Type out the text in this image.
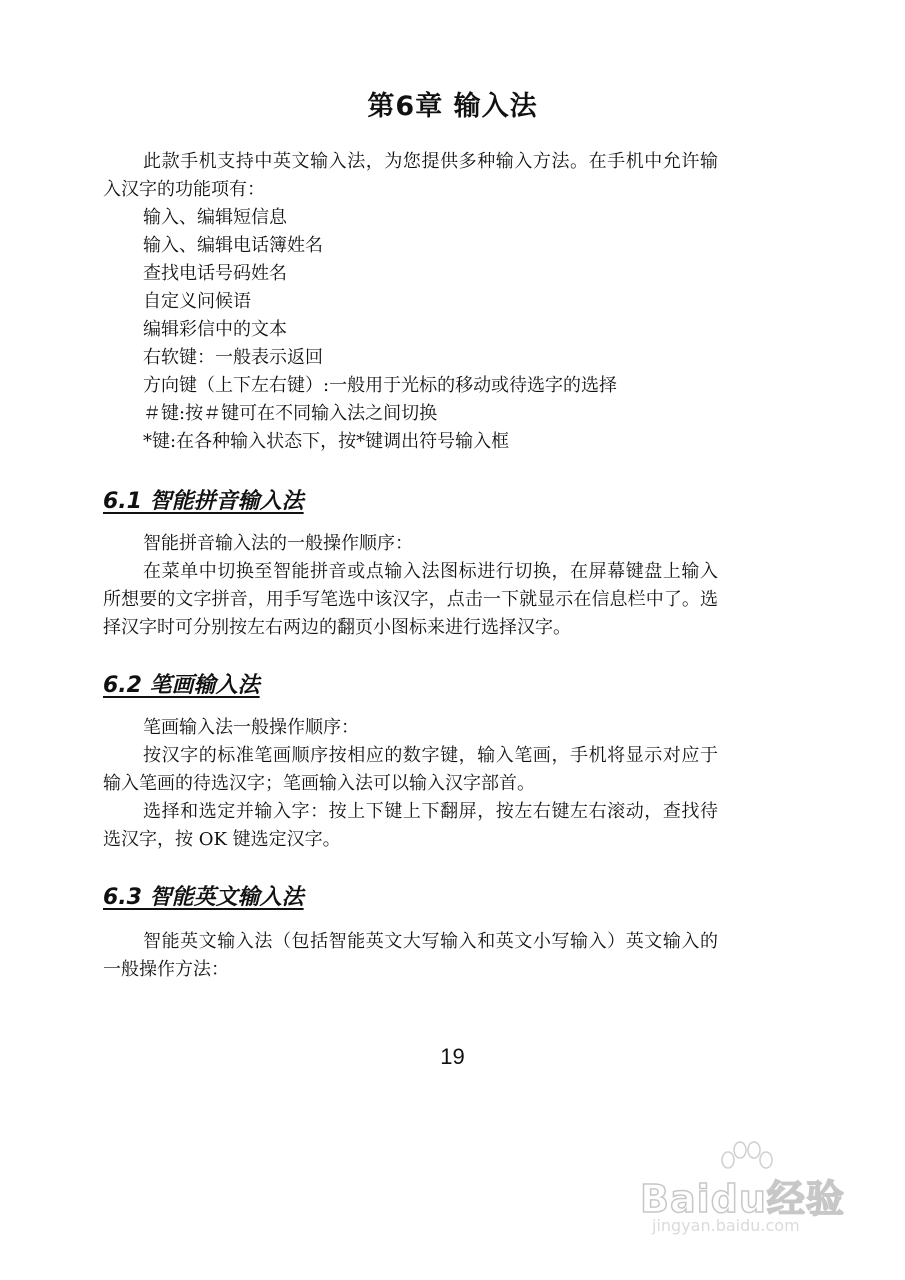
第6章 输入法

此款手机支持中英文输入法，为您提供多种输入方法。在手机中允许输入汉字的功能项有：

输入、编辑短信息

输入、编辑电话簿姓名

查找电话号码姓名

自定义问候语

编辑彩信中的文本

右软键：一般表示返回

方向键（上下左右键）:一般用于光标的移动或待选字的选择

＃键:按＃键可在不同输入法之间切换

*键:在各种输入状态下，按*键调出符号输入框

6.1 智能拼音输入法

智能拼音输入法的一般操作顺序：

在菜单中切换至智能拼音或点输入法图标进行切换，在屏幕键盘上输入所想要的文字拼音，用手写笔选中该汉字，点击一下就显示在信息栏中了。选择汉字时可分别按左右两边的翻页小图标来进行选择汉字。

6.2 笔画输入法

笔画输入法一般操作顺序：

按汉字的标准笔画顺序按相应的数字键，输入笔画，手机将显示对应于输入笔画的待选汉字；笔画输入法可以输入汉字部首。

选择和选定并输入字：按上下键上下翻屏，按左右键左右滚动，查找待选汉字，按 OK 键选定汉字。

6.3 智能英文输入法

智能英文输入法（包括智能英文大写输入和英文小写输入）英文输入的一般操作方法：

19
Baidu经验
jingyan.baidu.com
